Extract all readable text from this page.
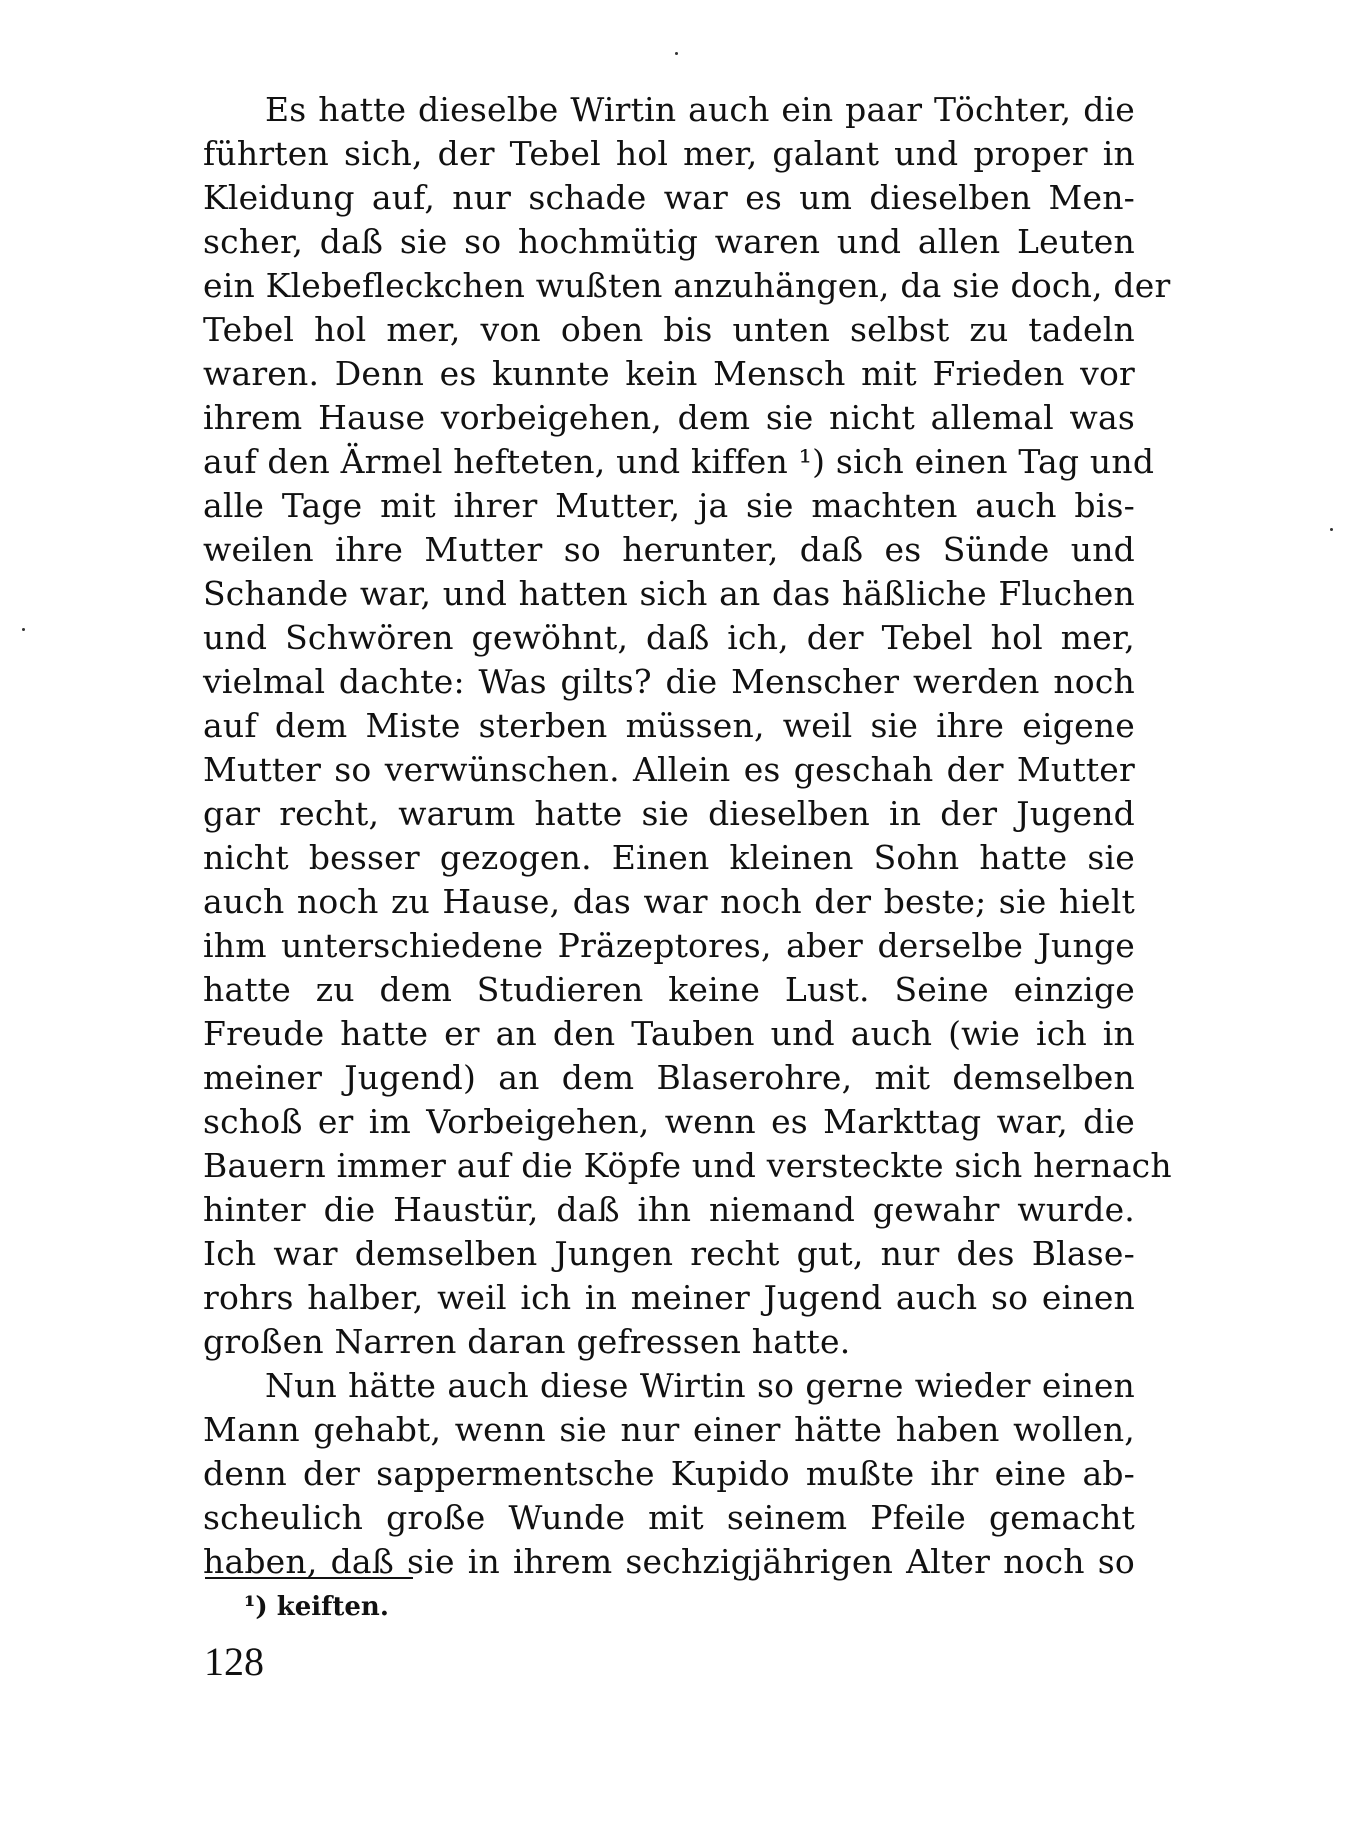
Es hatte dieselbe Wirtin auch ein paar Töchter, die
führten sich, der Tebel hol mer, galant und proper in
Kleidung auf, nur schade war es um dieselben Men-
scher, daß sie so hochmütig waren und allen Leuten
ein Klebefleckchen wußten anzuhängen, da sie doch, der
Tebel hol mer, von oben bis unten selbst zu tadeln
waren. Denn es kunnte kein Mensch mit Frieden vor
ihrem Hause vorbeigehen, dem sie nicht allemal was
auf den Ärmel hefteten, und kiffen ¹) sich einen Tag und
alle Tage mit ihrer Mutter, ja sie machten auch bis-
weilen ihre Mutter so herunter, daß es Sünde und
Schande war, und hatten sich an das häßliche Fluchen
und Schwören gewöhnt, daß ich, der Tebel hol mer,
vielmal dachte: Was gilts? die Menscher werden noch
auf dem Miste sterben müssen, weil sie ihre eigene
Mutter so verwünschen. Allein es geschah der Mutter
gar recht, warum hatte sie dieselben in der Jugend
nicht besser gezogen. Einen kleinen Sohn hatte sie
auch noch zu Hause, das war noch der beste; sie hielt
ihm unterschiedene Präzeptores, aber derselbe Junge
hatte zu dem Studieren keine Lust. Seine einzige
Freude hatte er an den Tauben und auch (wie ich in
meiner Jugend) an dem Blaserohre, mit demselben
schoß er im Vorbeigehen, wenn es Markttag war, die
Bauern immer auf die Köpfe und versteckte sich hernach
hinter die Haustür, daß ihn niemand gewahr wurde.
Ich war demselben Jungen recht gut, nur des Blase-
rohrs halber, weil ich in meiner Jugend auch so einen
großen Narren daran gefressen hatte.
Nun hätte auch diese Wirtin so gerne wieder einen
Mann gehabt, wenn sie nur einer hätte haben wollen,
denn der sappermentsche Kupido mußte ihr eine ab-
scheulich große Wunde mit seinem Pfeile gemacht
haben, daß sie in ihrem sechzigjährigen Alter noch so
¹) keiften.
128
